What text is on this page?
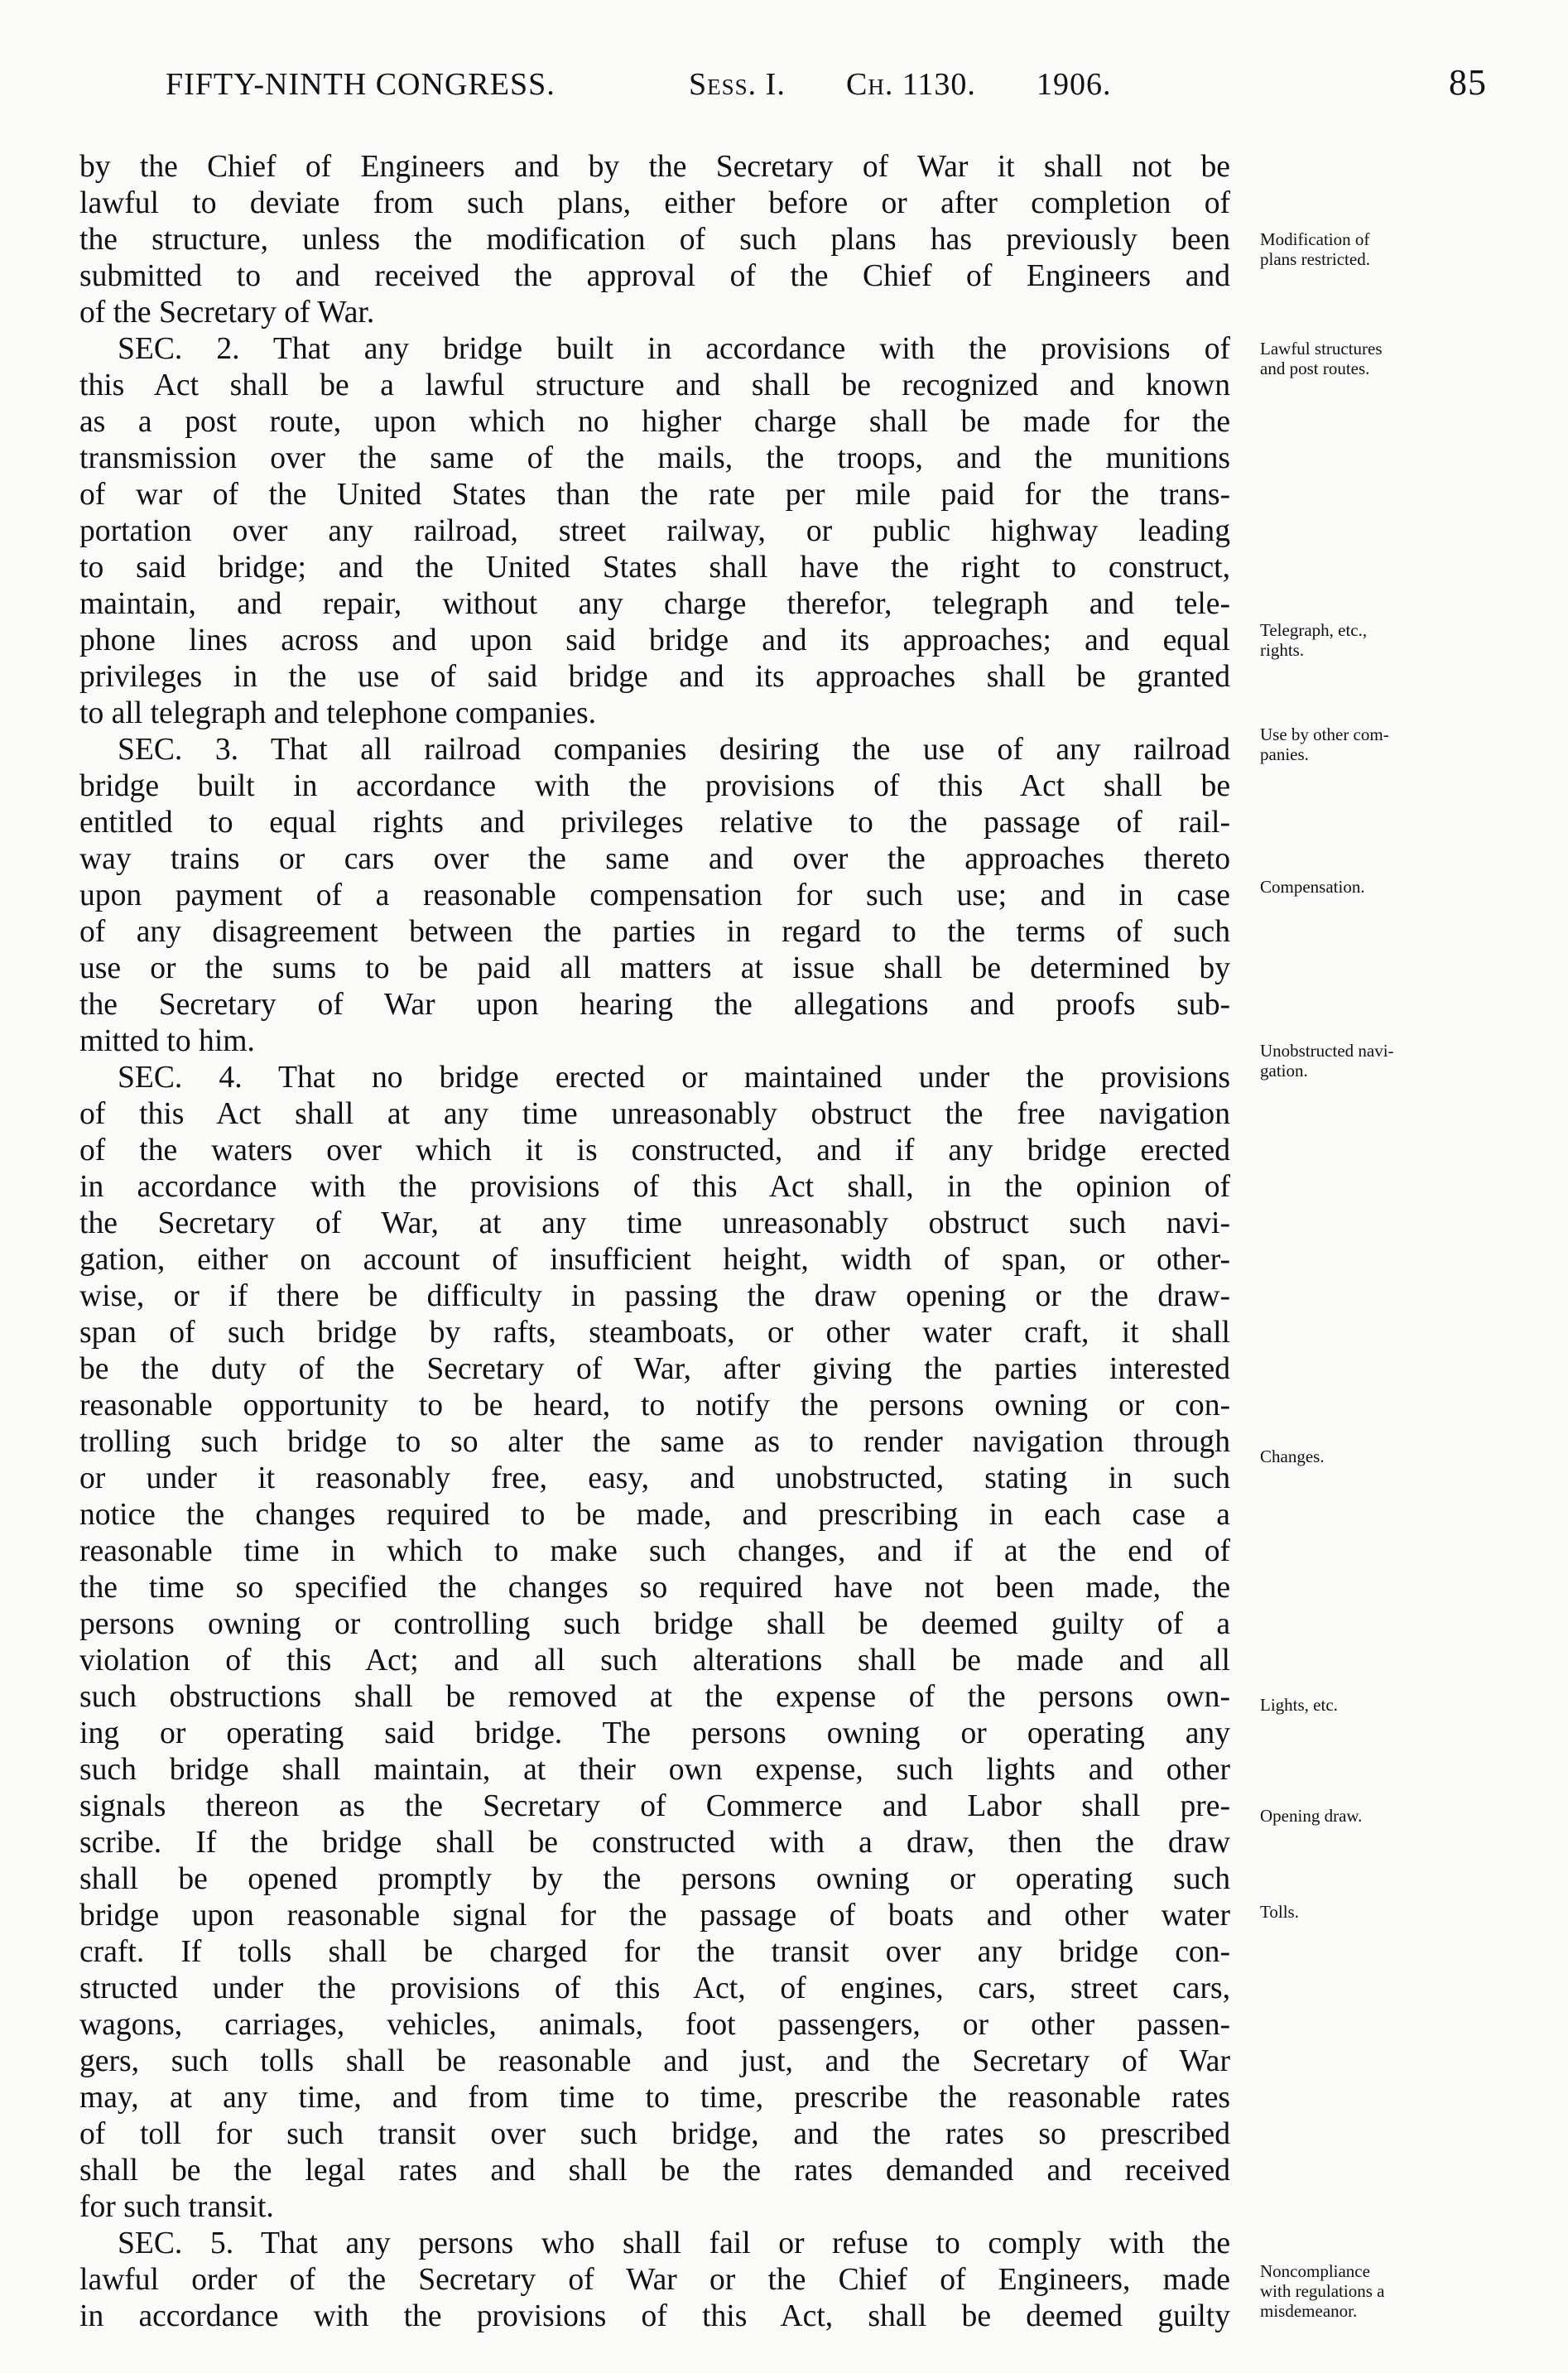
FIFTY-NINTH CONGRESS.	Sess. I. Ch. 1130. 1906.	85
by the Chief of Engineers and by the Secretary of War it shall not be
lawful to deviate from such plans, either before or after completion of
the structure, unless the modification of such plans has previously been
submitted to and received the approval of the Chief of Engineers and
of the Secretary of War.
SEC. 2. That any bridge built in accordance with the provisions of
this Act shall be a lawful structure and shall be recognized and known
as a post route, upon which no higher charge shall be made for the
transmission over the same of the mails, the troops, and the munitions
of war of the United States than the rate per mile paid for the trans-
portation over any railroad, street railway, or public highway leading
to said bridge; and the United States shall have the right to construct,
maintain, and repair, without any charge therefor, telegraph and tele-
phone lines across and upon said bridge and its approaches; and equal
privileges in the use of said bridge and its approaches shall be granted
to all telegraph and telephone companies.
SEC. 3. That all railroad companies desiring the use of any railroad
bridge built in accordance with the provisions of this Act shall be
entitled to equal rights and privileges relative to the passage of rail-
way trains or cars over the same and over the approaches thereto
upon payment of a reasonable compensation for such use; and in case
of any disagreement between the parties in regard to the terms of such
use or the sums to be paid all matters at issue shall be determined by
the Secretary of War upon hearing the allegations and proofs sub-
mitted to him.
SEC. 4. That no bridge erected or maintained under the provisions
of this Act shall at any time unreasonably obstruct the free navigation
of the waters over which it is constructed, and if any bridge erected
in accordance with the provisions of this Act shall, in the opinion of
the Secretary of War, at any time unreasonably obstruct such navi-
gation, either on account of insufficient height, width of span, or other-
wise, or if there be difficulty in passing the draw opening or the draw-
span of such bridge by rafts, steamboats, or other water craft, it shall
be the duty of the Secretary of War, after giving the parties interested
reasonable opportunity to be heard, to notify the persons owning or con-
trolling such bridge to so alter the same as to render navigation through
or under it reasonably free, easy, and unobstructed, stating in such
notice the changes required to be made, and prescribing in each case a
reasonable time in which to make such changes, and if at the end of
the time so specified the changes so required have not been made, the
persons owning or controlling such bridge shall be deemed guilty of a
violation of this Act; and all such alterations shall be made and all
such obstructions shall be removed at the expense of the persons own-
ing or operating said bridge. The persons owning or operating any
such bridge shall maintain, at their own expense, such lights and other
signals thereon as the Secretary of Commerce and Labor shall pre-
scribe. If the bridge shall be constructed with a draw, then the draw
shall be opened promptly by the persons owning or operating such
bridge upon reasonable signal for the passage of boats and other water
craft. If tolls shall be charged for the transit over any bridge con-
structed under the provisions of this Act, of engines, cars, street cars,
wagons, carriages, vehicles, animals, foot passengers, or other passen-
gers, such tolls shall be reasonable and just, and the Secretary of War
may, at any time, and from time to time, prescribe the reasonable rates
of toll for such transit over such bridge, and the rates so prescribed
shall be the legal rates and shall be the rates demanded and received
for such transit.
SEC. 5. That any persons who shall fail or refuse to comply with the
lawful order of the Secretary of War or the Chief of Engineers, made
in accordance with the provisions of this Act, shall be deemed guilty
Modification of
plans restricted.
Lawful structures
and post routes.
Telegraph, etc.,
rights.
Use by other com-
panies.
Compensation.
Unobstructed navi-
gation.
Changes.
Lights, etc.
Opening draw.
Tolls.
Noncompliance
with regulations a
misdemeanor.
